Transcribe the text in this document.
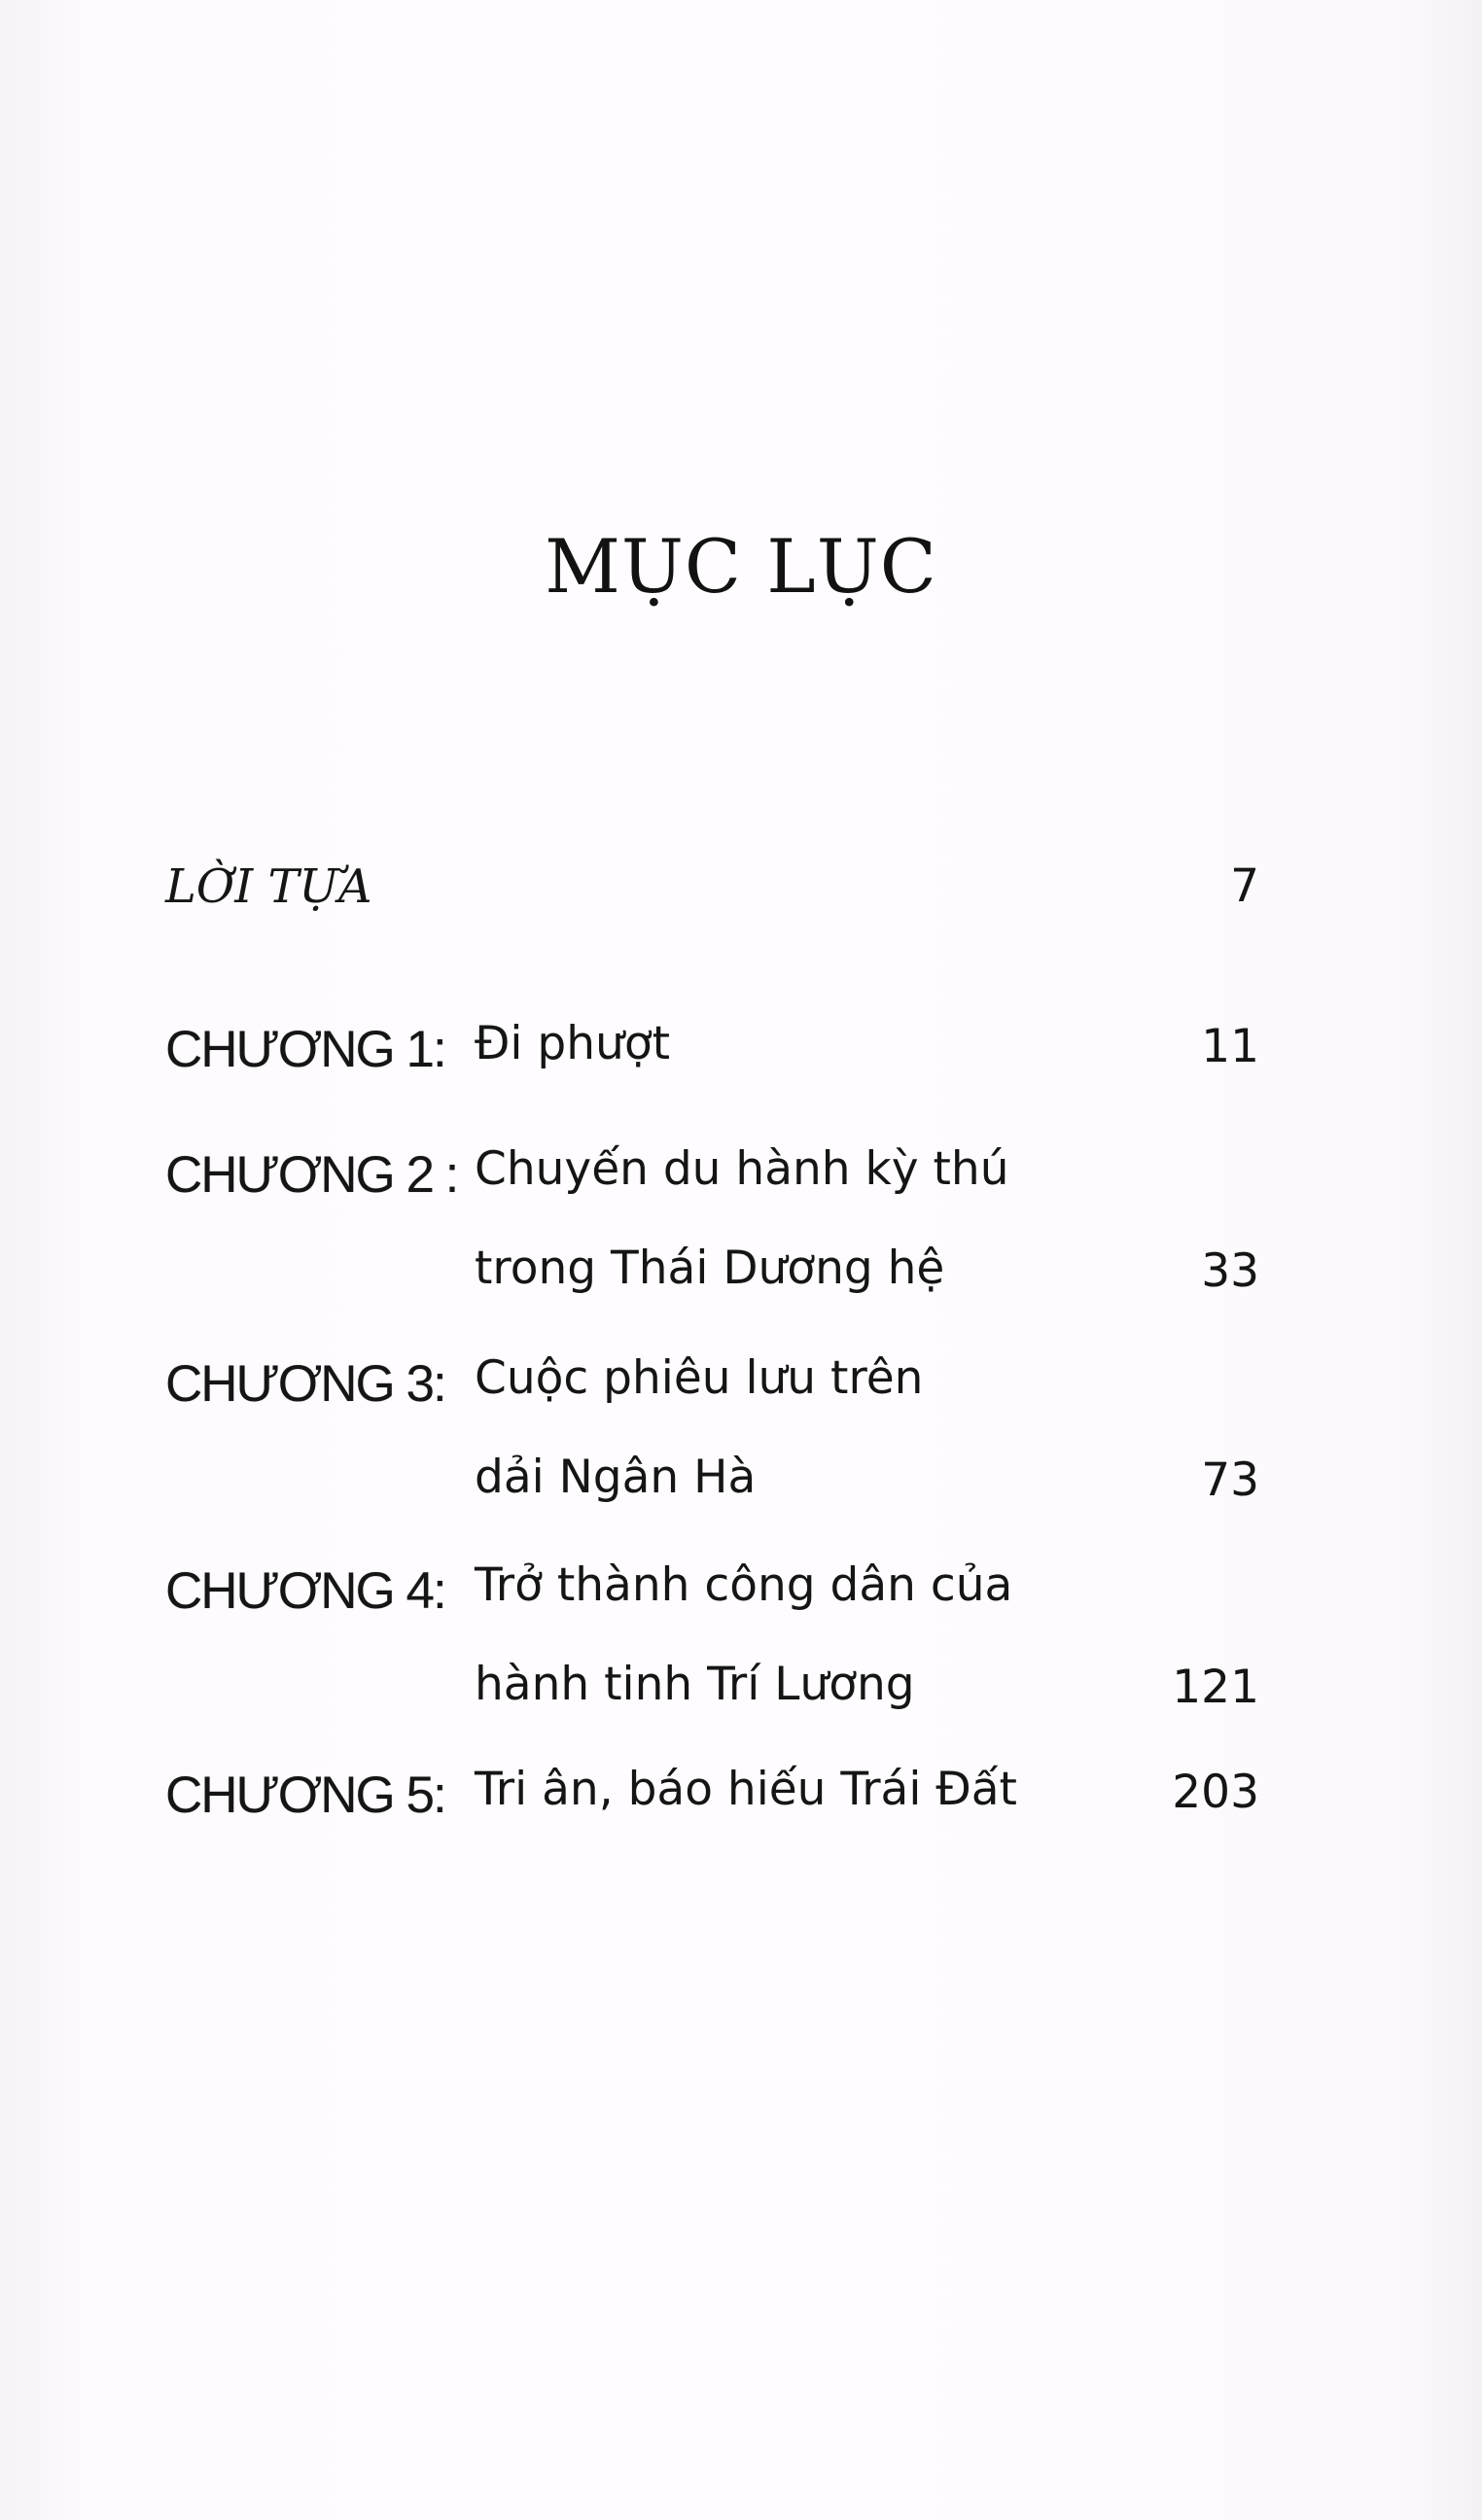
MỤC LỤC
LỜI TỰA	7
CHƯƠNG 1: Đi phượt	11
CHƯƠNG 2 : Chuyến du hành kỳ thú
trong Thái Dương hệ	33
CHƯƠNG 3: Cuộc phiêu lưu trên
dải Ngân Hà	73
CHƯƠNG 4: Trở thành công dân của
hành tinh Trí Lương	121
CHƯƠNG 5: Tri ân, báo hiếu Trái Đất	203
